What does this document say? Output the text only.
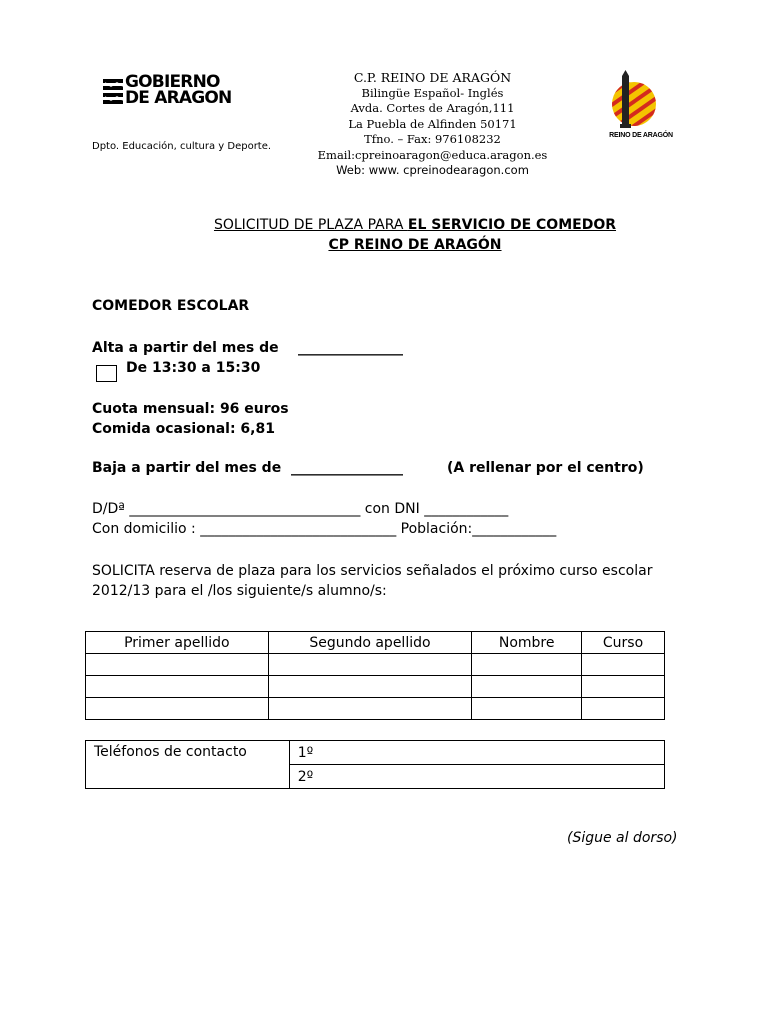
GOBIERNO
DE ARAGON
Dpto. Educación, cultura y Deporte.
C.P. REINO DE ARAGÓN
Bilingüe Español- Inglés
Avda. Cortes de Aragón,111
La Puebla de Alfinden 50171
Tfno. – Fax: 976108232
Email:cpreinoaragon@educa.aragon.es
Web: www. cpreinodearagon.com
REINO DE ARAGÓN
SOLICITUD DE PLAZA PARA EL SERVICIO DE COMEDOR
CP REINO DE ARAGÓN
COMEDOR ESCOLAR
Alta a partir del mes de _______________
De 13:30 a 15:30
Cuota mensual: 96 euros
Comida ocasional: 6,81
Baja a partir del mes de ________________	(A rellenar por el centro)
D/Dª _________________________________ con DNI ____________
Con domicilio : ____________________________ Población:____________
SOLICITA reserva de plaza para los servicios señalados el próximo curso escolar
2012/13 para el /los siguiente/s alumno/s:
Primer apellido	Segundo apellido	Nombre	Curso

Teléfonos de contacto	1º
2º
(Sigue al dorso)
